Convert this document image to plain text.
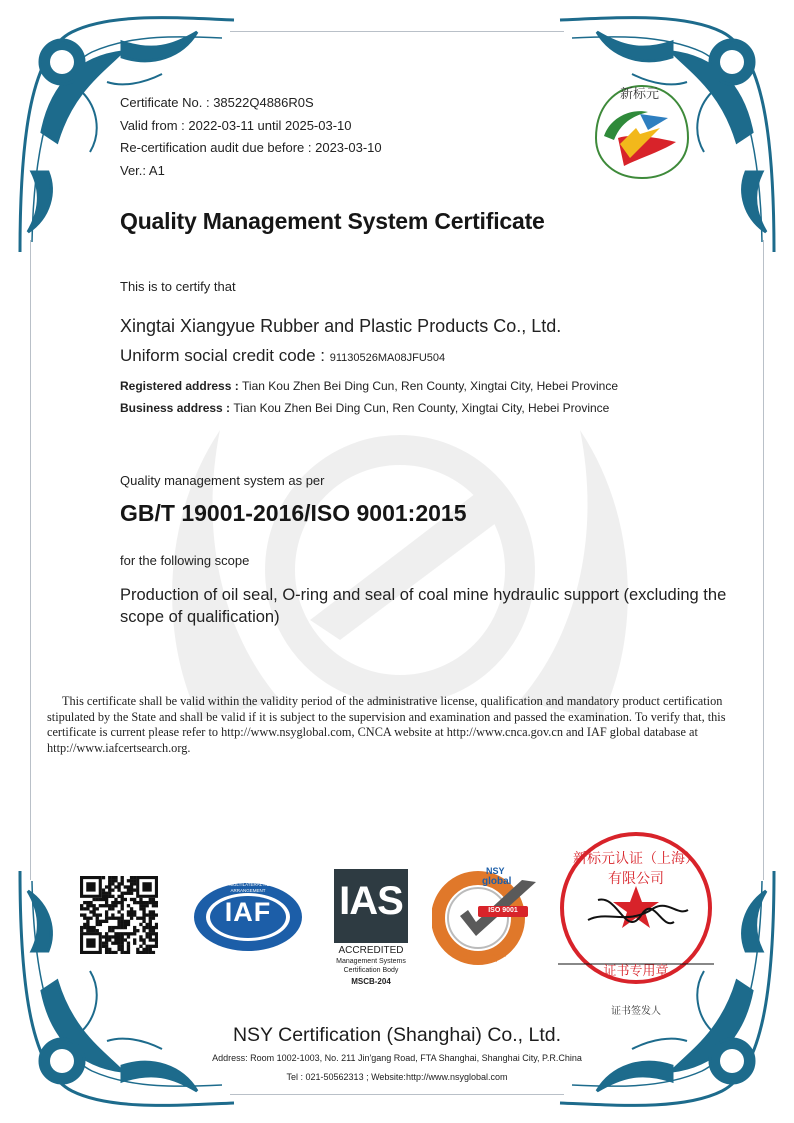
新标元
Certificate No. : 38522Q4886R0S
Valid from : 2022-03-11 until 2025-03-10
Re-certification audit due before : 2023-03-10
Ver.: A1
Quality Management System Certificate
This is to certify that
Xingtai Xiangyue Rubber and Plastic Products Co., Ltd.
Uniform social credit code : 91130526MA08JFU504
Registered address : Tian Kou Zhen Bei Ding Cun, Ren County, Xingtai City, Hebei Province
Business address : Tian Kou Zhen Bei Ding Cun, Ren County, Xingtai City, Hebei Province
Quality management system as per
GB/T 19001-2016/ISO 9001:2015
for the following scope
Production of oil seal, O-ring and seal of coal mine hydraulic support (excluding the scope of qualification)
This certificate shall be valid within the validity period of the administrative license, qualification and mandatory product certification stipulated by the State and shall be valid if it is subject to the supervision and examination and passed the examination. To verify that, this certificate is current please refer to http://www.nsyglobal.com, CNCA website at http://www.cnca.gov.cn and IAF global database at http://www.iafcertsearch.org.
IAF
MEMBER OF MULTILATERAL RECOGNITION ARRANGEMENT	IAS
ACCREDITED
Management Systems
Certification Body
MSCB-204
NSY
global
ISO 9001
MANAGEMENT SYSTEM CERTIFICATION
新标元认证（上海）有限公司
证书专用章
证书签发人
NSY Certification (Shanghai) Co., Ltd.
Address: Room 1002-1003, No. 211 Jin'gang Road, FTA Shanghai, Shanghai City, P.R.China
Tel : 021-50562313 ; Website:http://www.nsyglobal.com
